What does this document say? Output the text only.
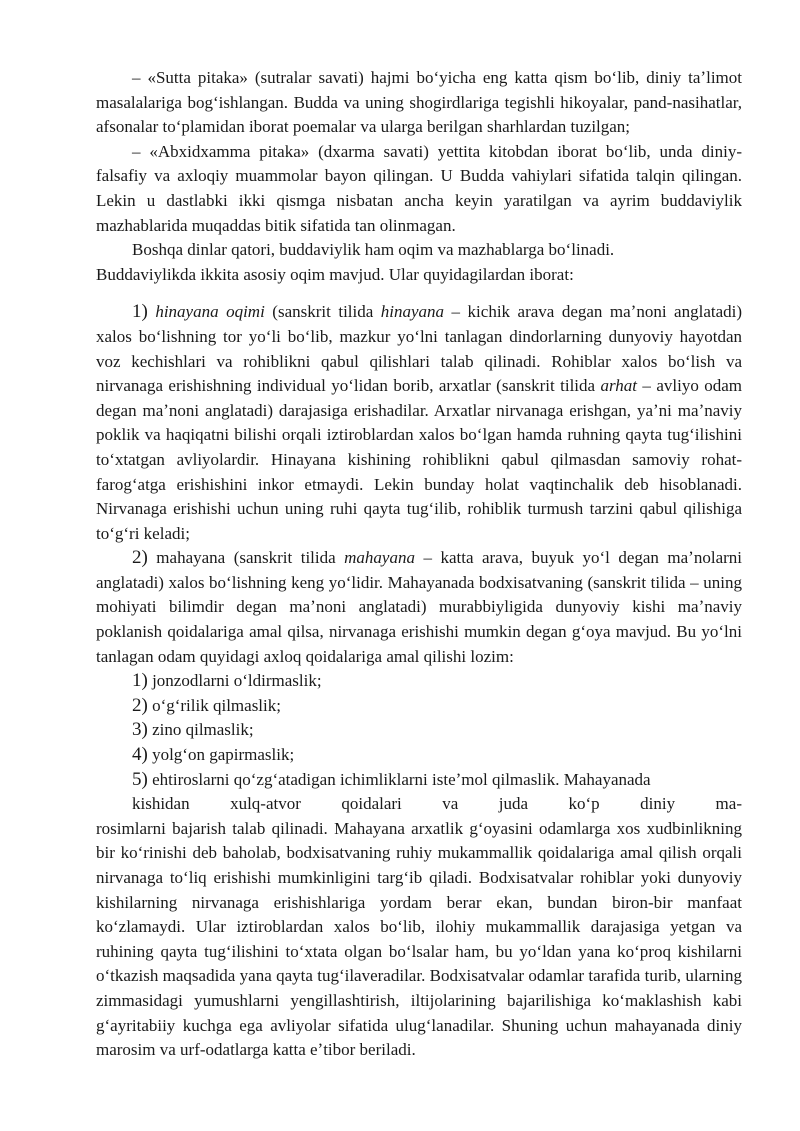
– «Sutta pitaka» (sutralar savati) hajmi boʻyicha eng katta qism boʻlib, diniy taʼlimot masalalariga bogʻishlangan. Budda va uning shogirdlariga tegishli hikoyalar, pand-nasihatlar, afsonalar toʻplamidan iborat poemalar va ularga berilgan sharhlardan tuzilgan;

– «Abxidxamma pitaka» (dxarma savati) yettita kitobdan iborat boʻlib, unda diniy-falsafiy va axloqiy muammolar bayon qilingan. U Budda vahiylari sifatida talqin qilingan. Lekin u dastlabki ikki qismga nisbatan ancha keyin yaratilgan va ayrim buddaviylik mazhablarida muqaddas bitik sifatida tan olinmagan.

Boshqa dinlar qatori, buddaviylik ham oqim va mazhablarga boʻlinadi.

Buddaviylikda ikkita asosiy oqim mavjud. Ular quyidagilardan iborat:

1) hinayana oqimi (sanskrit tilida hinayana – kichik arava degan maʼnoni anglatadi) xalos boʻlishning tor yoʻli boʻlib, mazkur yoʻlni tanlagan dindorlarning dunyoviy hayotdan voz kechishlari va rohiblikni qabul qilishlari talab qilinadi. Rohiblar xalos boʻlish va nirvanaga erishishning individual yoʻlidan borib, arxatlar (sanskrit tilida arhat – avliyo odam degan maʼnoni anglatadi) darajasiga erishadilar. Arxatlar nirvanaga erishgan, yaʼni maʼnaviy poklik va haqiqatni bilishi orqali iztiroblardan xalos boʻlgan hamda ruhning qayta tugʻilishini toʻxtatgan avliyolardir. Hinayana kishining rohiblikni qabul qilmasdan samoviy rohat-farogʻatga erishishini inkor etmaydi. Lekin bunday holat vaqtinchalik deb hisoblanadi. Nirvanaga erishishi uchun uning ruhi qayta tugʻilib, rohiblik turmush tarzini qabul qilishiga toʻgʻri keladi;

2) mahayana (sanskrit tilida mahayana – katta arava, buyuk yoʻl degan maʼnolarni anglatadi) xalos boʻlishning keng yoʻlidir. Mahayanada bodxisatvaning (sanskrit tilida – uning mohiyati bilimdir degan maʼnoni anglatadi) murabbiyligida dunyoviy kishi maʼnaviy poklanish qoidalariga amal qilsa, nirvanaga erishishi mumkin degan gʻoya mavjud. Bu yoʻlni tanlagan odam quyidagi axloq qoidalariga amal qilishi lozim:

1) jonzodlarni oʻldirmaslik;

2) oʻgʻrilik qilmaslik;

3) zino qilmaslik;

4) yolgʻon gapirmaslik;

5) ehtiroslarni qoʻzgʻatadigan ichimliklarni isteʼmol qilmaslik. Mahayanada

kishidan xulq-atvor qoidalari va juda koʻp diniy ma-

rosimlarni bajarish talab qilinadi. Mahayana arxatlik gʻoyasini odamlarga xos xudbinlikning bir koʻrinishi deb baholab, bodxisatvaning ruhiy mukammallik qoidalariga amal qilish orqali nirvanaga toʻliq erishishi mumkinligini targʻib qiladi. Bodxisatvalar rohiblar yoki dunyoviy kishilarning nirvanaga erishishlariga yordam berar ekan, bundan biron-bir manfaat koʻzlamaydi. Ular iztiroblardan xalos boʻlib, ilohiy mukammallik darajasiga yetgan va ruhining qayta tugʻilishini toʻxtata olgan boʻlsalar ham, bu yoʻldan yana koʻproq kishilarni oʻtkazish maqsadida yana qayta tugʻilaveradilar. Bodxisatvalar odamlar tarafida turib, ularning zimmasidagi yumushlarni yengillashtirish, iltijolarining bajarilishiga koʻmaklashish kabi gʻayritabiiy kuchga ega avliyolar sifatida ulugʻlanadilar. Shuning uchun mahayanada diniy marosim va urf-odatlarga katta eʼtibor beriladi.
